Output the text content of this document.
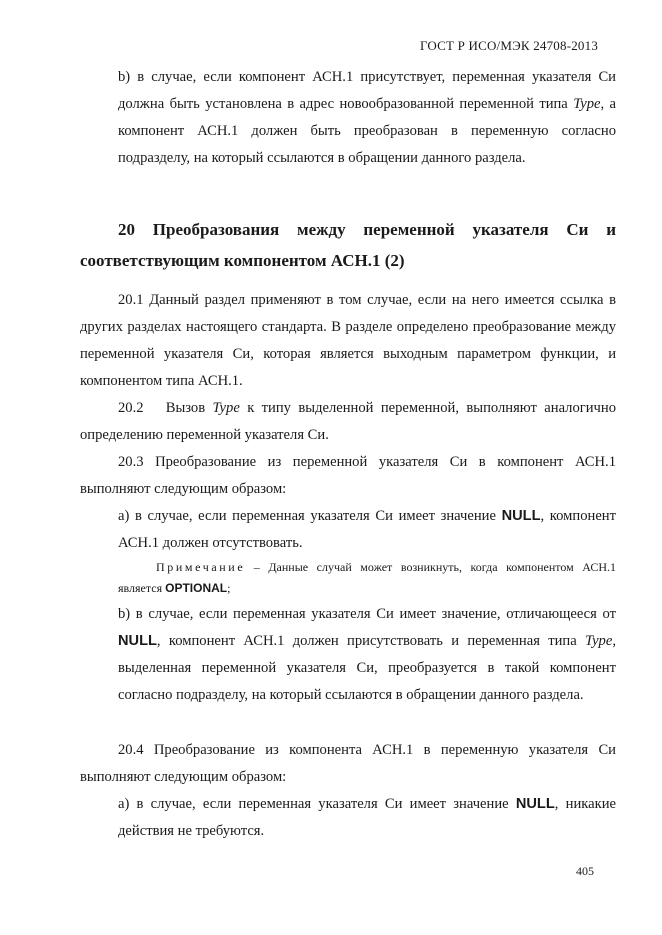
ГОСТ Р ИСО/МЭК 24708-2013
b) в случае, если компонент АСН.1 присутствует, переменная указателя Си должна быть установлена в адрес новообразованной переменной типа Type, а компонент АСН.1 должен быть преобразован в переменную согласно подразделу, на который ссылаются в обращении данного раздела.
20 Преобразования между переменной указателя Си и соответствующим компонентом АСН.1 (2)
20.1 Данный раздел применяют в том случае, если на него имеется ссылка в других разделах настоящего стандарта. В разделе определено преобразование между переменной указателя Си, которая является выходным параметром функции, и компонентом типа АСН.1.
20.2   Вызов Type к типу выделенной переменной, выполняют аналогично определению переменной указателя Си.
20.3 Преобразование из переменной указателя Си в компонент АСН.1 выполняют следующим образом:
а) в случае, если переменная указателя Си имеет значение NULL, компонент АСН.1 должен отсутствовать.
Примечание – Данные случай может возникнуть, когда компонентом АСН.1 является OPTIONAL;
b) в случае, если переменная указателя Си имеет значение, отличающееся от NULL, компонент АСН.1 должен присутствовать и переменная типа Type, выделенная переменной указателя Си, преобразуется в такой компонент согласно подразделу, на который ссылаются в обращении данного раздела.
20.4 Преобразование из компонента АСН.1 в переменную указателя Си выполняют следующим образом:
а) в случае, если переменная указателя Си имеет значение NULL, никакие действия не требуются.
405
